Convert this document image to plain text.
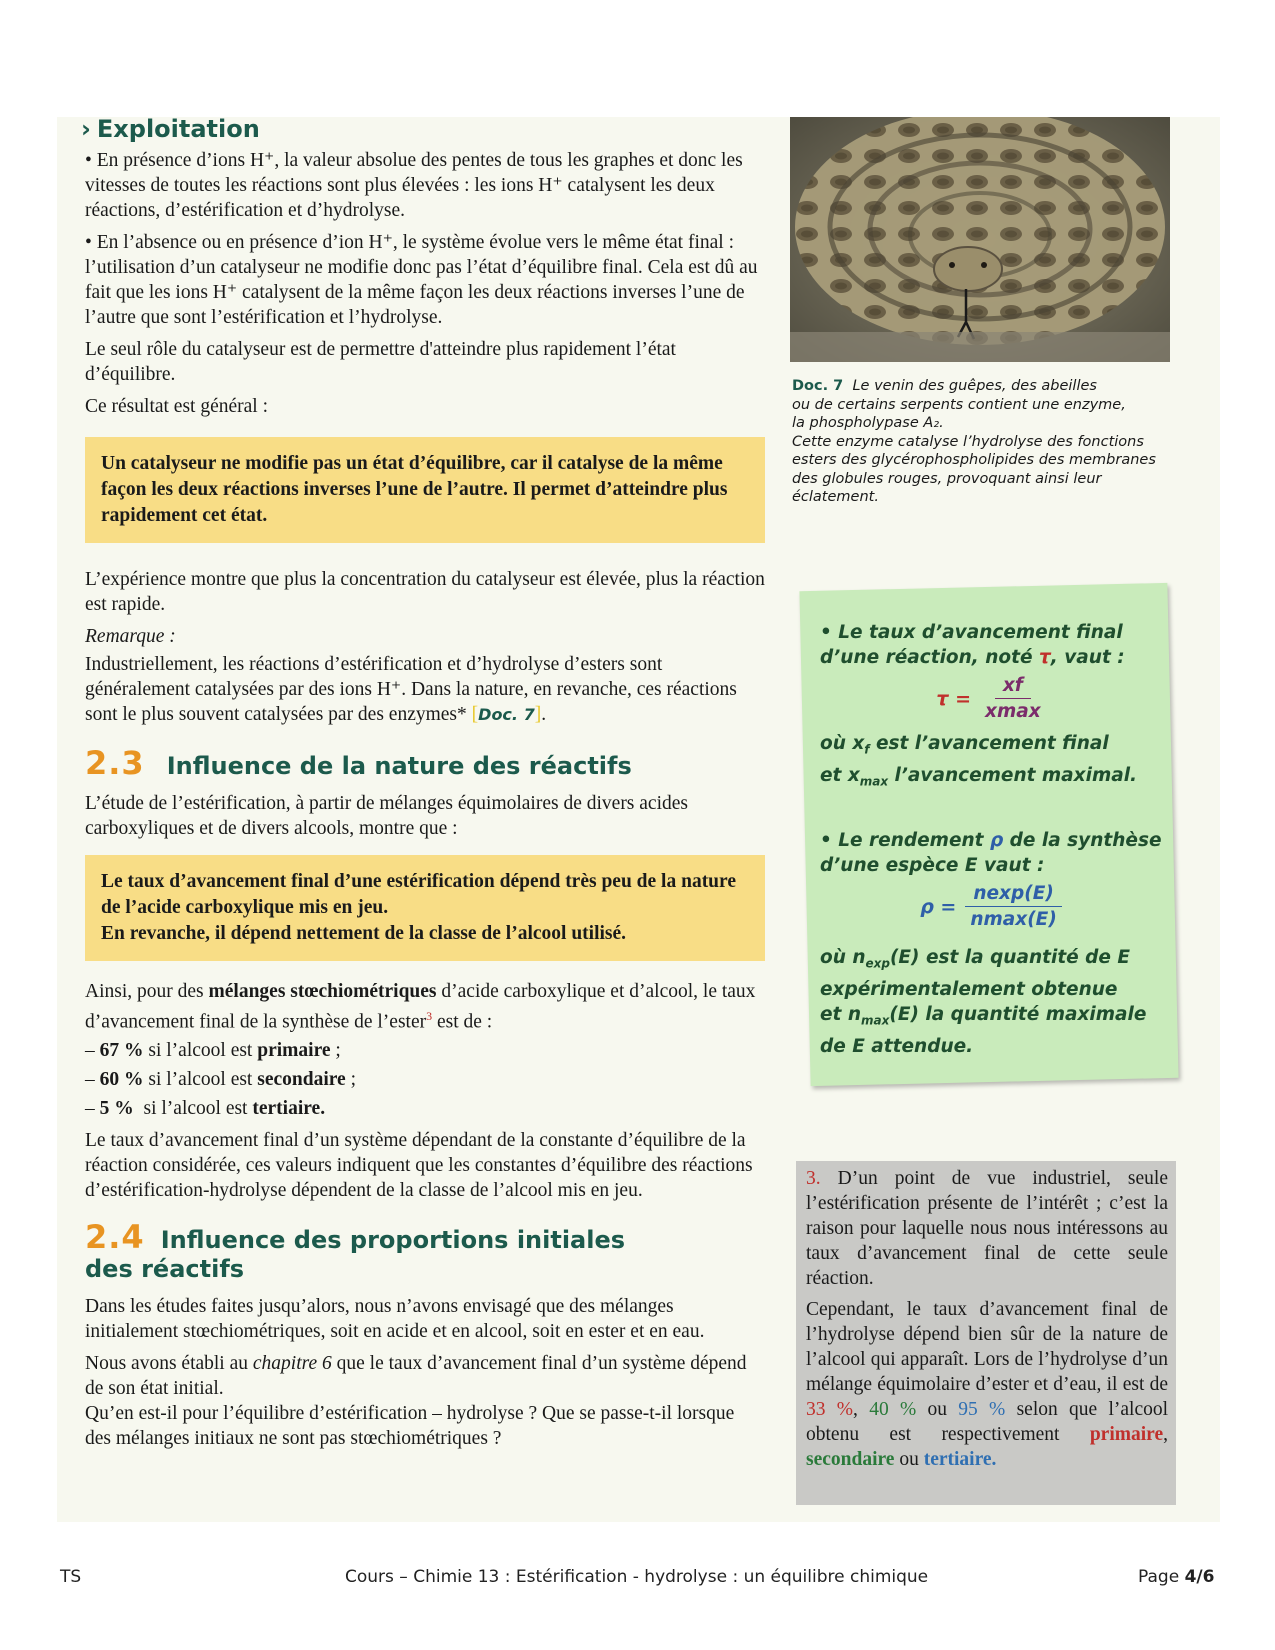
› Exploitation

• En présence d’ions H⁺, la valeur absolue des pentes de tous les graphes et donc les vitesses de toutes les réactions sont plus élevées : les ions H⁺ catalysent les deux réactions, d’estérification et d’hydrolyse.

• En l’absence ou en présence d’ion H⁺, le système évolue vers le même état final : l’utilisation d’un catalyseur ne modifie donc pas l’état d’équilibre final. Cela est dû au fait que les ions H⁺ catalysent de la même façon les deux réactions inverses l’une de l’autre que sont l’estérification et l’hydrolyse.

Le seul rôle du catalyseur est de permettre d'atteindre plus rapidement l’état d’équilibre.

Ce résultat est général :

Un catalyseur ne modifie pas un état d’équilibre, car il catalyse de la même façon les deux réactions inverses l’une de l’autre. Il permet d’atteindre plus rapidement cet état.

L’expérience montre que plus la concentration du catalyseur est élevée, plus la réaction est rapide.

Remarque :

Industriellement, les réactions d’estérification et d’hydrolyse d’esters sont généralement catalysées par des ions H⁺. Dans la nature, en revanche, ces réactions sont le plus souvent catalysées par des enzymes* [Doc. 7].

2.3 Influence de la nature des réactifs

L’étude de l’estérification, à partir de mélanges équimolaires de divers acides carboxyliques et de divers alcools, montre que :

Le taux d’avancement final d’une estérification dépend très peu de la nature de l’acide carboxylique mis en jeu.
En revanche, il dépend nettement de la classe de l’alcool utilisé.

Ainsi, pour des mélanges stœchiométriques d’acide carboxylique et d’alcool, le taux d’avancement final de la synthèse de l’ester$^3$ est de :

– 67 % si l’alcool est primaire ;
– 60 % si l’alcool est secondaire ;
– 5 %  si l’alcool est tertiaire.

Le taux d’avancement final d’un système dépendant de la constante d’équilibre de la réaction considérée, ces valeurs indiquent que les constantes d’équilibre des réactions d’estérification-hydrolyse dépendent de la classe de l’alcool mis en jeu.

2.4 Influence des proportions initiales
des réactifs

Dans les études faites jusqu’alors, nous n’avons envisagé que des mélanges initialement stœchiométriques, soit en acide et en alcool, soit en ester et en eau.

Nous avons établi au chapitre 6 que le taux d’avancement final d’un système dépend de son état initial.

Qu’en est-il pour l’équilibre d’estérification – hydrolyse ? Que se passe-t-il lorsque des mélanges initiaux ne sont pas stœchiométriques ?

Doc. 7 Le venin des guêpes, des abeilles
ou de certains serpents contient une enzyme,
la phospholypase A₂.
Cette enzyme catalyse l’hydrolyse des fonctions esters des glycérophospholipides des membranes des globules rouges, provoquant ainsi leur éclatement.

• Le taux d’avancement final d’une réaction, noté τ, vaut :

$\tau = \frac{xf}{xmax}$

où $x_f$ est l’avancement final

et $x_{max}$ l’avancement maximal.

• Le rendement ρ de la synthèse d’une espèce E vaut :

$\rho = \frac{nexp(E)}{nmax(E)}$

où $n_{exp}(E)$ est la quantité de E expérimentalement obtenue

et $n_{max}(E)$ la quantité maximale de E attendue.

3. D’un point de vue industriel, seule l’estérification présente de l’intérêt ; c’est la raison pour laquelle nous nous intéressons au taux d’avancement final de cette seule réaction.

Cependant, le taux d’avancement final de l’hydrolyse dépend bien sûr de la nature de l’alcool qui apparaît. Lors de l’hydrolyse d’un mélange équimolaire d’ester et d’eau, il est de 33 %, 40 % ou 95 % selon que l’alcool obtenu est respectivement primaire, secondaire ou tertiaire.

TS	Cours – Chimie 13 : Estérification - hydrolyse : un équilibre chimique	Page 4/6
